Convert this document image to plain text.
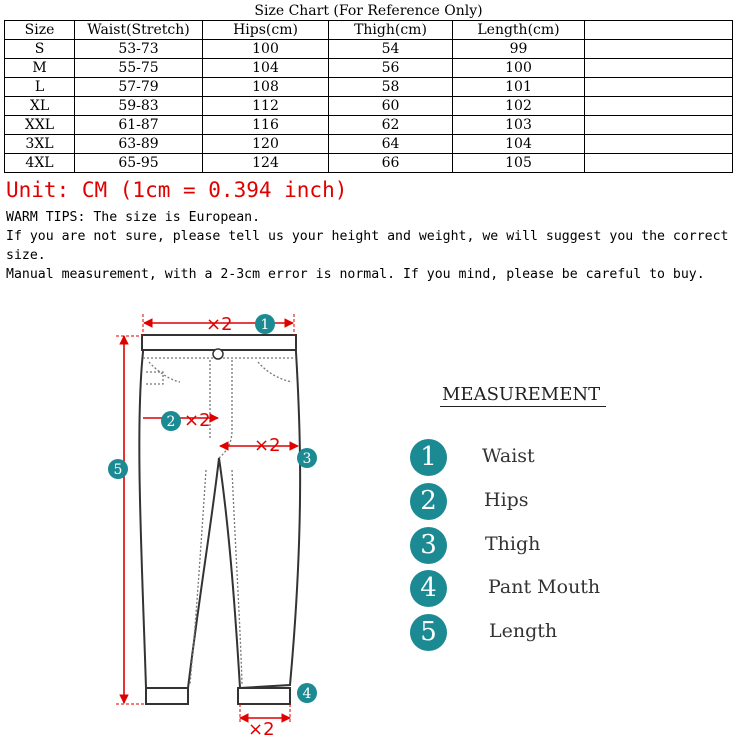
Size Chart (For Reference Only)					
Size	Waist(Stretch)	Hips(cm)	Thigh(cm)	Length(cm)	
S	53-73	100	54	99	
M	55-75	104	56	100	
L	57-79	108	58	101	
XL	59-83	112	60	102	
XXL	61-87	116	62	103	
3XL	63-89	120	64	104	
4XL	65-95	124	66	105	
Unit: CM (1cm = 0.394 inch)
WARM TIPS: The size is European.
If you are not sure, please tell us your height and weight, we will suggest you the correct size.
Manual measurement, with a 2-3cm error is normal. If you mind, please be careful to buy.
×2
×2
×2
×2
1
2
3
4
5
MEASUREMENT
1	Waist
2	Hips
3	Thigh
4	Pant Mouth
5	Length
